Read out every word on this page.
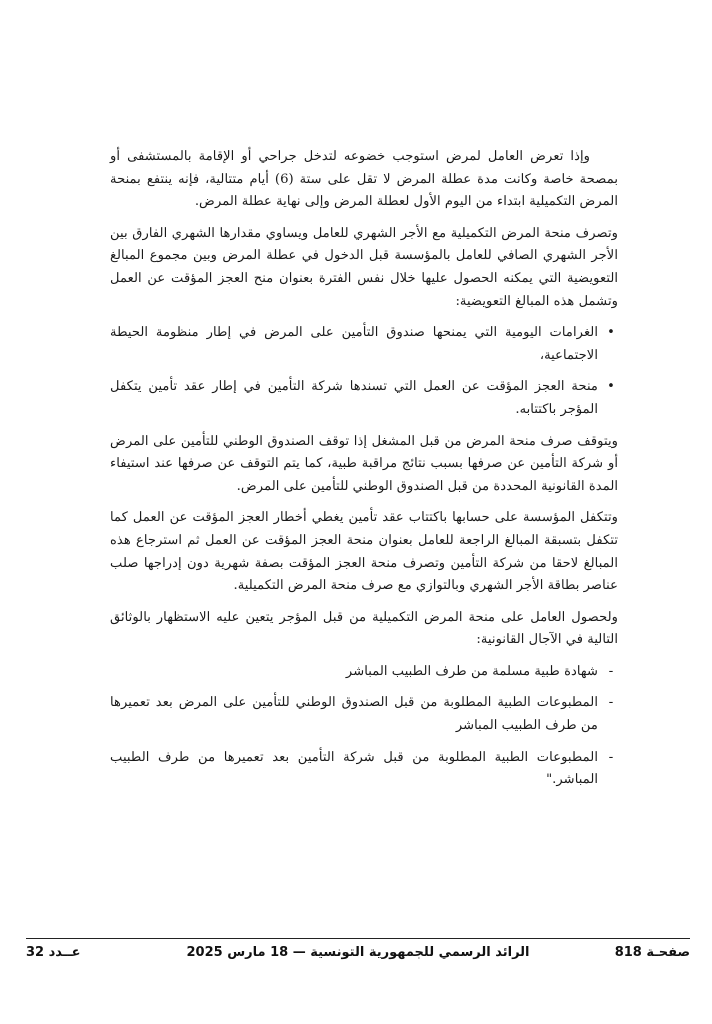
وإذا تعرض العامل لمرض استوجب خضوعه لتدخل جراحي أو الإقامة بالمستشفى أو بمصحة خاصة وكانت مدة عطلة المرض لا تقل على ستة (6) أيام متتالية، فإنه ينتفع بمنحة المرض التكميلية ابتداء من اليوم الأول لعطلة المرض وإلى نهاية عطلة المرض.

وتصرف منحة المرض التكميلية مع الأجر الشهري للعامل ويساوي مقدارها الشهري الفارق بين الأجر الشهري الصافي للعامل بالمؤسسة قبل الدخول في عطلة المرض وبين مجموع المبالغ التعويضية التي يمكنه الحصول عليها خلال نفس الفترة بعنوان منح العجز المؤقت عن العمل وتشمل هذه المبالغ التعويضية:

•
الغرامات اليومية التي يمنحها صندوق التأمين على المرض في إطار منظومة الحيطة الاجتماعية،
•
منحة العجز المؤقت عن العمل التي تسندها شركة التأمين في إطار عقد تأمين يتكفل المؤجر باكتتابه.

ويتوقف صرف منحة المرض من قبل المشغل إذا توقف الصندوق الوطني للتأمين على المرض أو شركة التأمين عن صرفها بسبب نتائج مراقبة طبية، كما يتم التوقف عن صرفها عند استيفاء المدة القانونية المحددة من قبل الصندوق الوطني للتأمين على المرض.

وتتكفل المؤسسة على حسابها باكتتاب عقد تأمين يغطي أخطار العجز المؤقت عن العمل كما تتكفل بتسبقة المبالغ الراجعة للعامل بعنوان منحة العجز المؤقت عن العمل ثم استرجاع هذه المبالغ لاحقا من شركة التأمين وتصرف منحة العجز المؤقت بصفة شهرية دون إدراجها صلب عناصر بطاقة الأجر الشهري وبالتوازي مع صرف منحة المرض التكميلية.

ولحصول العامل على منحة المرض التكميلية من قبل المؤجر يتعين عليه الاستظهار بالوثائق التالية في الآجال القانونية:

-
شهادة طبية مسلمة من طرف الطبيب المباشر
-
المطبوعات الطبية المطلوبة من قبل الصندوق الوطني للتأمين على المرض بعد تعميرها من طرف الطبيب المباشر
-
المطبوعات الطبية المطلوبة من قبل شركة التأمين بعد تعميرها من طرف الطبيب المباشر."
صفحـة 818
الرائد الرسمي للجمهورية التونسية — 18 مارس 2025
عــدد 32
